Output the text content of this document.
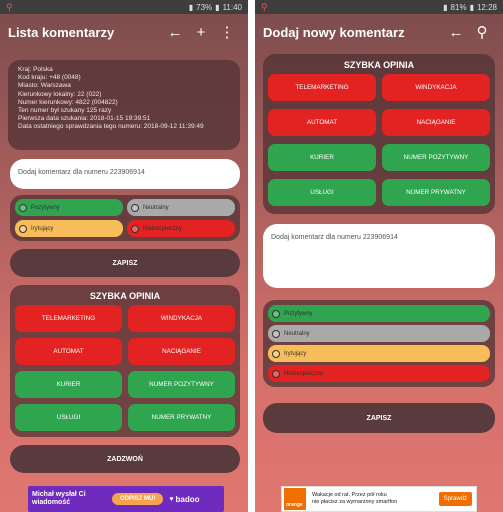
⚲	▮ 73% ▮ 11:40
Lista komentarzy	← + ⋮
Kraj: Polska
Kod kraju: +48 (0048)
Miasto: Warszawa
Kierunkowy lokalny: 22 (022)
Numer kierunkowy: 4822 (004822)
Ten numer był szukany 125 razy
Pierwsza data szukania: 2018-01-15 19:39:51
Data ostatniego sprawdzania tego numeru: 2018-09-12 11:39:49
Dodaj komentarz dla numeru 223906914
Pozytywny	Neutralny
Irytujący	Niebezpieczny
ZAPISZ
SZYBKA OPINIA
TELEMARKETING	WINDYKACJA
AUTOMAT	NACIĄGANIE
KURIER	NUMER POZYTYWNY
USŁUGI	NUMER PRYWATNY
ZADZWOŃ
Michał wysłał Ci wiadomość	ODPISZ MU!	♥ badoo
⚲	▮ 81% ▮ 12:28
Dodaj nowy komentarz	← ⚲
SZYBKA OPINIA
TELEMARKETING	WINDYKACJA
AUTOMAT	NACIĄGANIE
KURIER	NUMER POZYTYWNY
USŁUGI	NUMER PRYWATNY
Dodaj komentarz dla numeru 223906914
Pozytywny
Neutralny
Irytujący
Niebezpieczny
ZAPISZ
orange
Wakacje od rat. Przez pół roku
nie płacisz za wymarzony smartfon	Sprawdź
